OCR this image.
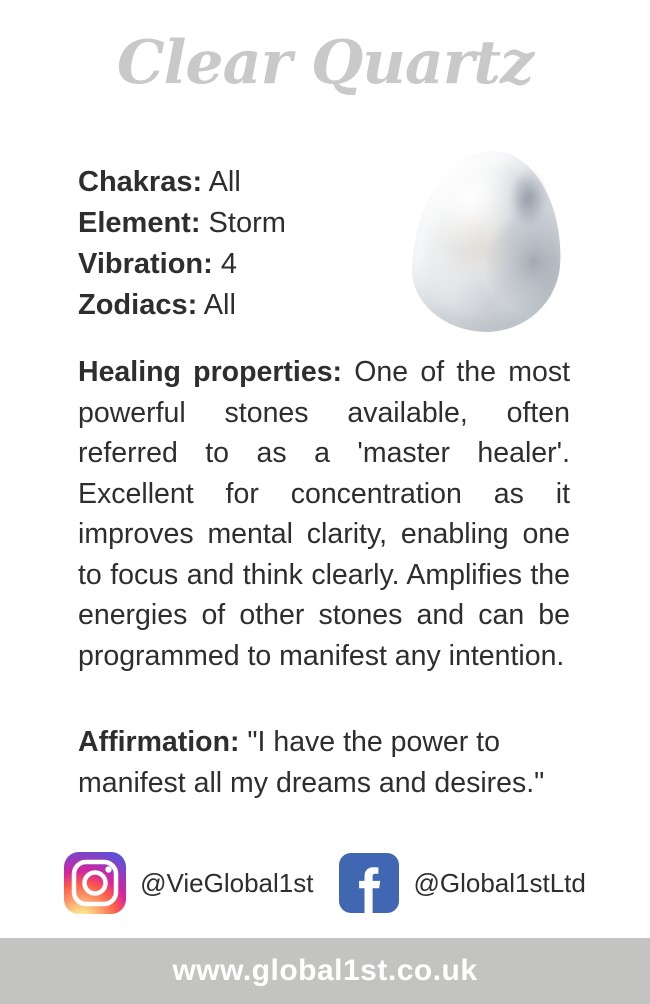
Clear Quartz
Chakras: All
Element: Storm
Vibration: 4
Zodiacs: All

Healing properties: One of the most powerful stones available, often referred to as a 'master healer'. Excellent for concentration as it improves mental clarity, enabling one to focus and think clearly. Amplifies the energies of other stones and can be programmed to manifest any intention.

Affirmation: "I have the power to
manifest all my dreams and desires."

@VieGlobal1st	@Global1stLtd
www.global1st.co.uk
